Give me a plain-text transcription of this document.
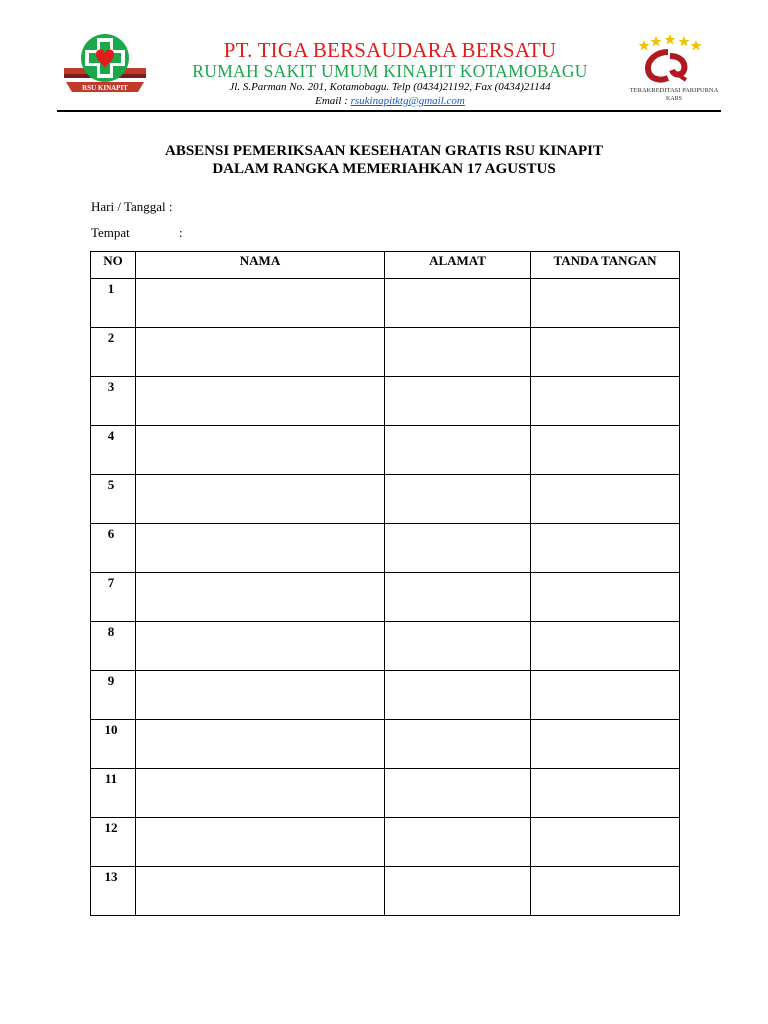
RSU KINAPIT
PT. TIGA BERSAUDARA BERSATU
RUMAH SAKIT UMUM KINAPIT KOTAMOBAGU
Jl. S.Parman No. 201, Kotamobagu. Telp (0434)21192, Fax (0434)21144
Email : rsukinapitktg@gmail.com
TERAKREDITASI PARIPURNA
KARS
ABSENSI PEMERIKSAAN KESEHATAN GRATIS RSU KINAPIT
DALAM RANGKA MEMERIAHKAN 17 AGUSTUS
Hari / Tanggal :
Tempat	:
NO	NAMA	ALAMAT	TANDA TANGAN
1			
2			
3			
4			
5			
6			
7			
8			
9			
10			
11			
12			
13			
